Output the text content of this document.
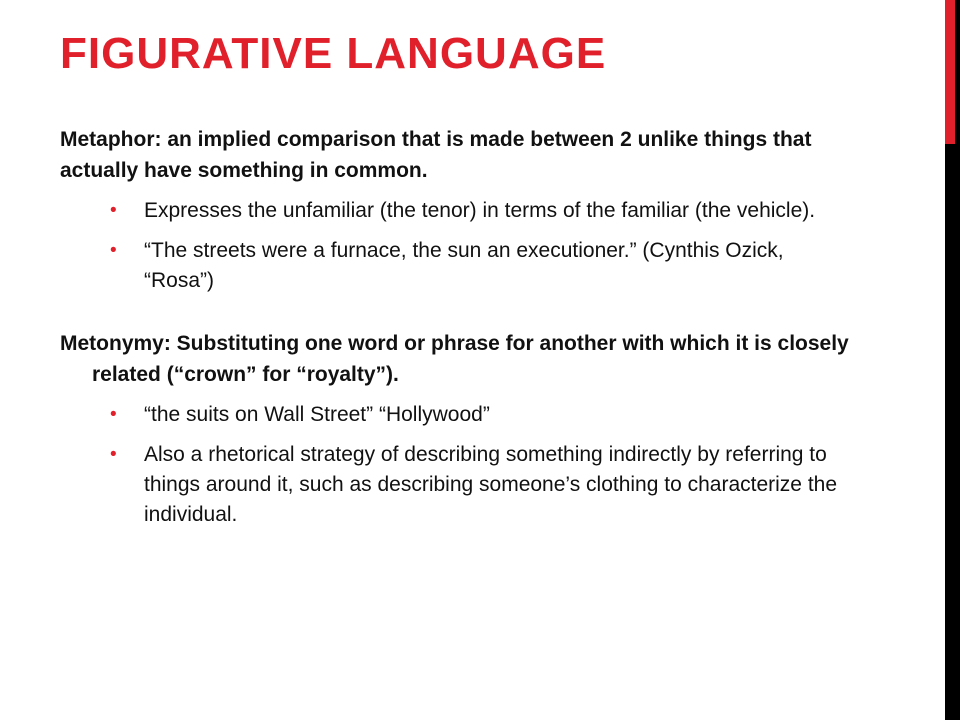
FIGURATIVE LANGUAGE

Metaphor: an implied comparison that is made between 2 unlike things that actually have something in common.

• Expresses the unfamiliar (the tenor) in terms of the familiar (the vehicle).
• “The streets were a furnace, the sun an executioner.” (Cynthis Ozick, “Rosa”)

Metonymy: Substituting one word or phrase for another with which it is closely related (“crown” for “royalty”).

• “the suits on Wall Street” “Hollywood”
• Also a rhetorical strategy of describing something indirectly by referring to things around it, such as describing someone’s clothing to characterize the individual.
